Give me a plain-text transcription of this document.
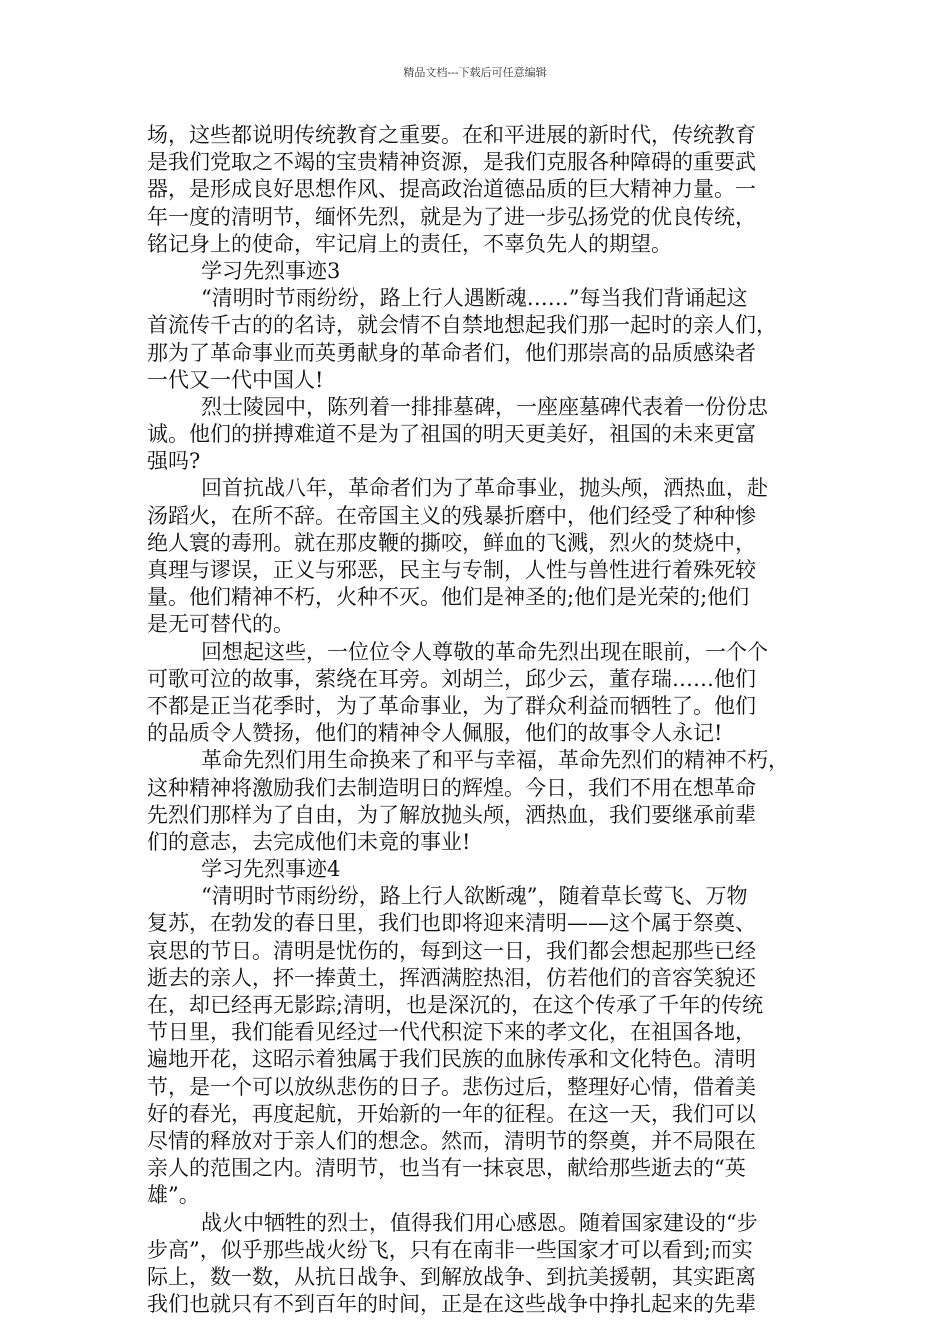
精品文档---下载后可任意编辑
场，这些都说明传统教育之重要。在和平进展的新时代，传统教育
是我们党取之不竭的宝贵精神资源，是我们克服各种障碍的重要武
器，是形成良好思想作风、提高政治道德品质的巨大精神力量。一
年一度的清明节，缅怀先烈，就是为了进一步弘扬党的优良传统，
铭记身上的使命，牢记肩上的责任，不辜负先人的期望。
学习先烈事迹3
“清明时节雨纷纷，路上行人遇断魂……”每当我们背诵起这
首流传千古的的名诗，就会情不自禁地想起我们那一起时的亲人们，
那为了革命事业而英勇献身的革命者们，他们那崇高的品质感染者
一代又一代中国人!
烈士陵园中，陈列着一排排墓碑，一座座墓碑代表着一份份忠
诚。他们的拼搏难道不是为了祖国的明天更美好，祖国的未来更富
强吗?
回首抗战八年，革命者们为了革命事业，抛头颅，洒热血，赴
汤蹈火，在所不辞。在帝国主义的残暴折磨中，他们经受了种种惨
绝人寰的毒刑。就在那皮鞭的撕咬，鲜血的飞溅，烈火的焚烧中，
真理与谬误，正义与邪恶，民主与专制，人性与兽性进行着殊死较
量。他们精神不朽，火种不灭。他们是神圣的;他们是光荣的;他们
是无可替代的。
回想起这些，一位位令人尊敬的革命先烈出现在眼前，一个个
可歌可泣的故事，萦绕在耳旁。刘胡兰，邱少云，董存瑞……他们
不都是正当花季时，为了革命事业，为了群众利益而牺牲了。他们
的品质令人赞扬，他们的精神令人佩服，他们的故事令人永记!
革命先烈们用生命换来了和平与幸福，革命先烈们的精神不朽，
这种精神将激励我们去制造明日的辉煌。今日，我们不用在想革命
先烈们那样为了自由，为了解放抛头颅，洒热血，我们要继承前辈
们的意志，去完成他们未竟的事业!
学习先烈事迹4
“清明时节雨纷纷，路上行人欲断魂”，随着草长莺飞、万物
复苏，在勃发的春日里，我们也即将迎来清明——这个属于祭奠、
哀思的节日。清明是忧伤的，每到这一日，我们都会想起那些已经
逝去的亲人，抔一捧黄土，挥洒满腔热泪，仿若他们的音容笑貌还
在，却已经再无影踪;清明，也是深沉的，在这个传承了千年的传统
节日里，我们能看见经过一代代积淀下来的孝文化，在祖国各地，
遍地开花，这昭示着独属于我们民族的血脉传承和文化特色。清明
节，是一个可以放纵悲伤的日子。悲伤过后，整理好心情，借着美
好的春光，再度起航，开始新的一年的征程。在这一天，我们可以
尽情的释放对于亲人们的想念。然而，清明节的祭奠，并不局限在
亲人的范围之内。清明节，也当有一抹哀思，献给那些逝去的“英
雄”。
战火中牺牲的烈士，值得我们用心感恩。随着国家建设的“步
步高”，似乎那些战火纷飞，只有在南非一些国家才可以看到;而实
际上，数一数，从抗日战争、到解放战争、到抗美援朝，其实距离
我们也就只有不到百年的时间，正是在这些战争中挣扎起来的先辈
